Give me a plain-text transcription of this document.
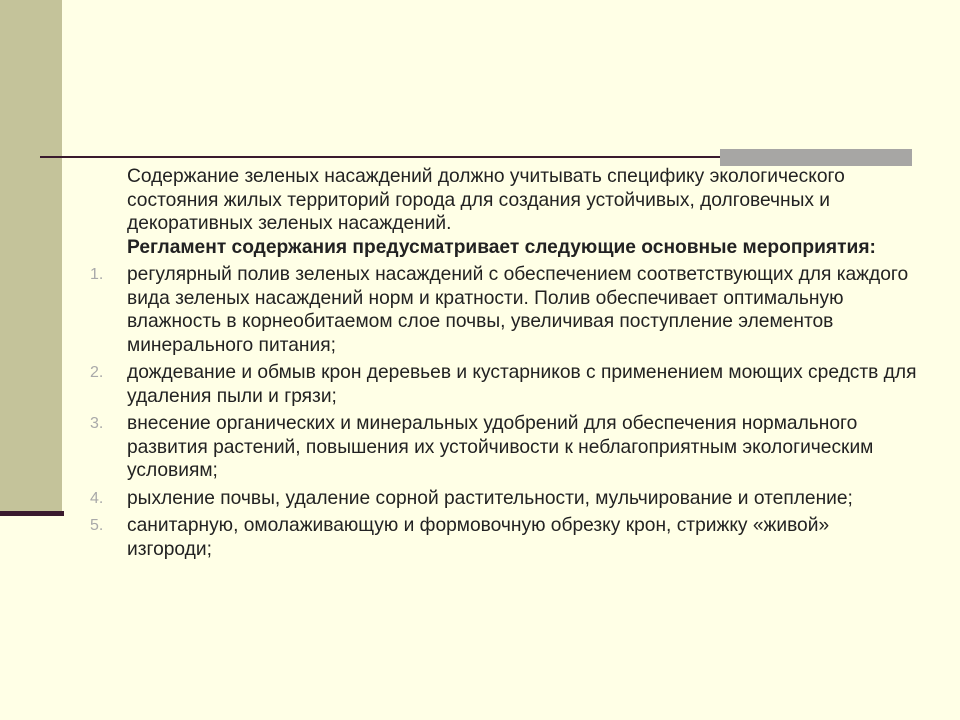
Содержание зеленых насаждений должно учитывать специфику экологического состояния жилых территорий города для создания устойчивых, долговечных и декоративных зеленых насаждений.
Регламент содержания предусматривает следующие основные мероприятия:

1.	регулярный полив зеленых насаждений с обеспечением соответствующих для каждого вида зеленых насаждений норм и кратности. Полив обеспечивает оптимальную влажность в корнеобитаемом слое почвы, увеличивая поступление элементов минерального питания;
2.	дождевание и обмыв крон деревьев и кустарников с применением моющих средств для удаления пыли и грязи;
3.	внесение органических и минеральных удобрений для обеспечения нормального развития растений, повышения их устойчивости к неблагоприятным экологическим условиям;
4.	рыхление почвы, удаление сорной растительности, мульчирование и отепление;
5.	санитарную, омолаживающую и формовочную обрезку крон, стрижку «живой» изгороди;
